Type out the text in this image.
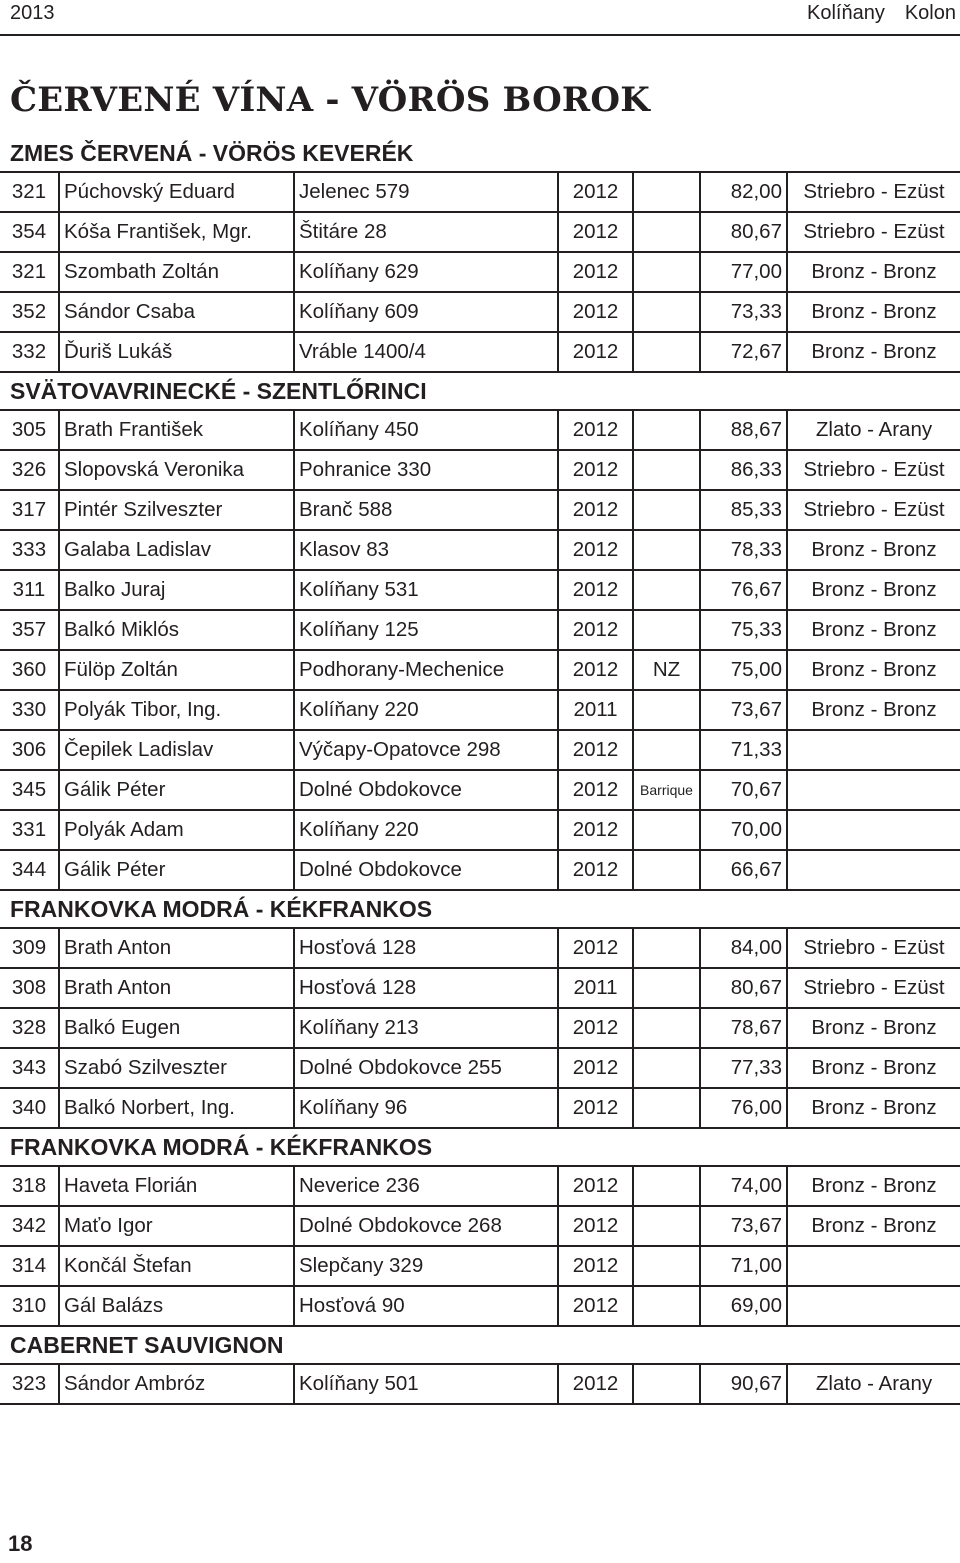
2013	Kolíňany Kolon
ČERVENÉ VÍNA - VÖRÖS BOROK
ZMES ČERVENÁ - VÖRÖS KEVERÉK
321	Púchovský Eduard	Jelenec 579	2012		82,00	Striebro - Ezüst
354	Kóša František, Mgr.	Štitáre 28	2012		80,67	Striebro - Ezüst
321	Szombath Zoltán	Kolíňany 629	2012		77,00	Bronz - Bronz
352	Sándor Csaba	Kolíňany 609	2012		73,33	Bronz - Bronz
332	Ďuriš Lukáš	Vráble 1400/4	2012		72,67	Bronz - Bronz
SVÄTOVAVRINECKÉ - SZENTLŐRINCI
305	Brath František	Kolíňany 450	2012		88,67	Zlato - Arany
326	Slopovská Veronika	Pohranice 330	2012		86,33	Striebro - Ezüst
317	Pintér Szilveszter	Branč 588	2012		85,33	Striebro - Ezüst
333	Galaba Ladislav	Klasov 83	2012		78,33	Bronz - Bronz
311	Balko Juraj	Kolíňany 531	2012		76,67	Bronz - Bronz
357	Balkó Miklós	Kolíňany 125	2012		75,33	Bronz - Bronz
360	Fülöp Zoltán	Podhorany-Mechenice	2012	NZ	75,00	Bronz - Bronz
330	Polyák Tibor, Ing.	Kolíňany 220	2011		73,67	Bronz - Bronz
306	Čepilek Ladislav	Výčapy-Opatovce 298	2012		71,33	
345	Gálik Péter	Dolné Obdokovce	2012	Barrique	70,67	
331	Polyák Adam	Kolíňany 220	2012		70,00	
344	Gálik Péter	Dolné Obdokovce	2012		66,67	
FRANKOVKA MODRÁ - KÉKFRANKOS
309	Brath Anton	Hosťová 128	2012		84,00	Striebro - Ezüst
308	Brath Anton	Hosťová 128	2011		80,67	Striebro - Ezüst
328	Balkó Eugen	Kolíňany 213	2012		78,67	Bronz - Bronz
343	Szabó Szilveszter	Dolné Obdokovce 255	2012		77,33	Bronz - Bronz
340	Balkó Norbert, Ing.	Kolíňany 96	2012		76,00	Bronz - Bronz
FRANKOVKA MODRÁ - KÉKFRANKOS
318	Haveta Florián	Neverice 236	2012		74,00	Bronz - Bronz
342	Maťo Igor	Dolné Obdokovce 268	2012		73,67	Bronz - Bronz
314	Končál Štefan	Slepčany 329	2012		71,00	
310	Gál Balázs	Hosťová 90	2012		69,00	
CABERNET SAUVIGNON
323	Sándor Ambróz	Kolíňany 501	2012		90,67	Zlato - Arany
18
